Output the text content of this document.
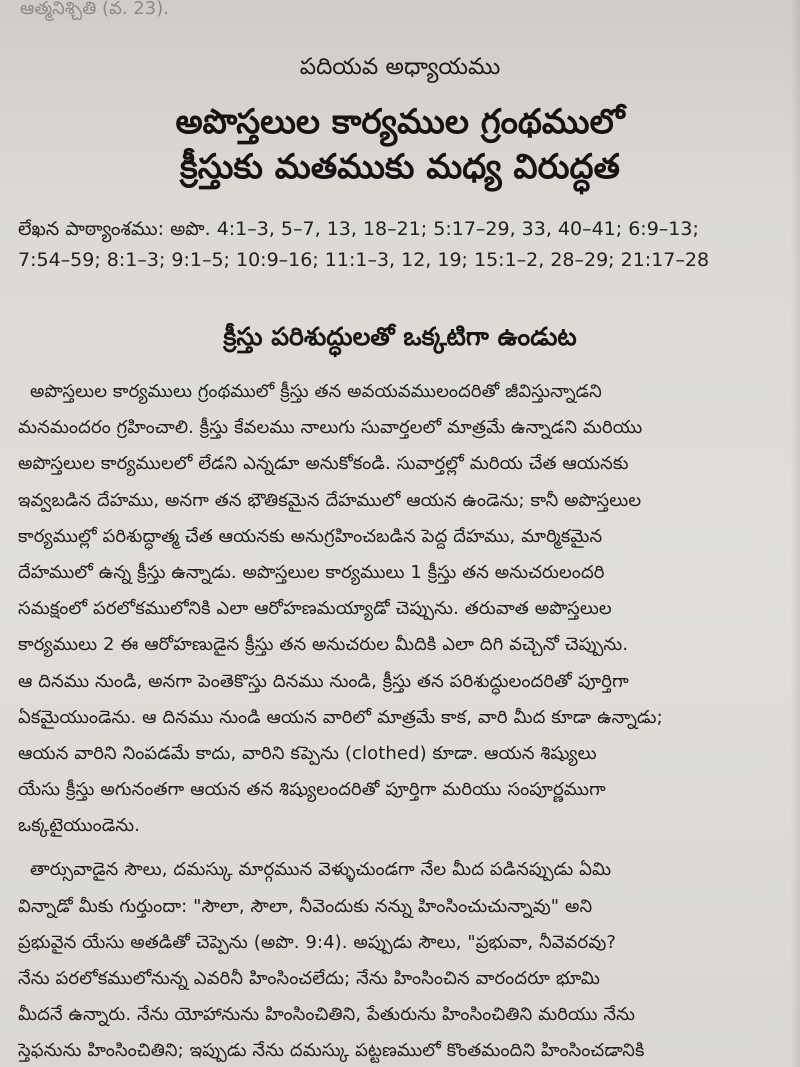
ఆత్మనిశ్చితి (వ. 23).
పదియవ అధ్యాయము
అపొస్తలుల కార్యముల గ్రంథములో
క్రీస్తుకు మతముకు మధ్య విరుద్ధత
లేఖన పాఠ్యాంశము: అపొ. 4:1–3, 5–7, 13, 18–21; 5:17–29, 33, 40–41; 6:9–13;
7:54–59; 8:1–3; 9:1–5; 10:9–16; 11:1–3, 12, 19; 15:1–2, 28–29; 21:17–28
క్రీస్తు పరిశుద్ధులతో ఒక్కటిగా ఉండుట
అపొస్తలుల కార్యములు గ్రంథములో క్రీస్తు తన అవయవములందరితో జీవిస్తున్నాడని
మనమందరం గ్రహించాలి. క్రీస్తు కేవలము నాలుగు సువార్తలలో మాత్రమే ఉన్నాడని మరియు
అపొస్తలుల కార్యములలో లేడని ఎన్నడూ అనుకోకండి. సువార్తల్లో మరియ చేత ఆయనకు
ఇవ్వబడిన దేహము, అనగా తన భౌతికమైన దేహములో ఆయన ఉండెను; కానీ అపొస్తలుల
కార్యముల్లో పరిశుద్ధాత్మ చేత ఆయనకు అనుగ్రహించబడిన పెద్ద దేహము, మార్మికమైన
దేహములో ఉన్న క్రీస్తు ఉన్నాడు. అపొస్తలుల కార్యములు 1 క్రీస్తు తన అనుచరులందరి
సమక్షంలో పరలోకములోనికి ఎలా ఆరోహణమయ్యాడో చెప్పును. తరువాత అపొస్తలుల
కార్యములు 2 ఈ ఆరోహణుడైన క్రీస్తు తన అనుచరుల మీదికి ఎలా దిగి వచ్చెనో చెప్పును.
ఆ దినము నుండి, అనగా పెంతెకొస్తు దినము నుండి, క్రీస్తు తన పరిశుద్ధులందరితో పూర్తిగా
ఏకమైయుండెను. ఆ దినము నుండి ఆయన వారిలో మాత్రమే కాక, వారి మీద కూడా ఉన్నాడు;
ఆయన వారిని నింపడమే కాదు, వారిని కప్పెను (clothed) కూడా. ఆయన శిష్యులు
యేసు క్రీస్తు అగునంతగా ఆయన తన శిష్యులందరితో పూర్తిగా మరియు సంపూర్ణముగా
ఒక్కటైయుండెను.
తార్సువాడైన సౌలు, దమస్కు మార్గమున వెళ్ళుచుండగా నేల మీద పడినప్పుడు ఏమి
విన్నాడో మీకు గుర్తుందా: "సౌలా, సౌలా, నీవెందుకు నన్ను హింసించుచున్నావు" అని
ప్రభువైన యేసు అతడితో చెప్పెను (అపొ. 9:4). అప్పుడు సౌలు, "ప్రభువా, నీవెవరవు?
నేను పరలోకములోనున్న ఎవరినీ హింసించలేదు; నేను హింసించిన వారందరూ భూమి
మీదనే ఉన్నారు. నేను యోహానును హింసించితిని, పేతురును హింసించితిని మరియు నేను
స్తెఫనును హింసించితిని; ఇప్పుడు నేను దమస్కు పట్టణములో కొంతమందిని హింసించడానికి
